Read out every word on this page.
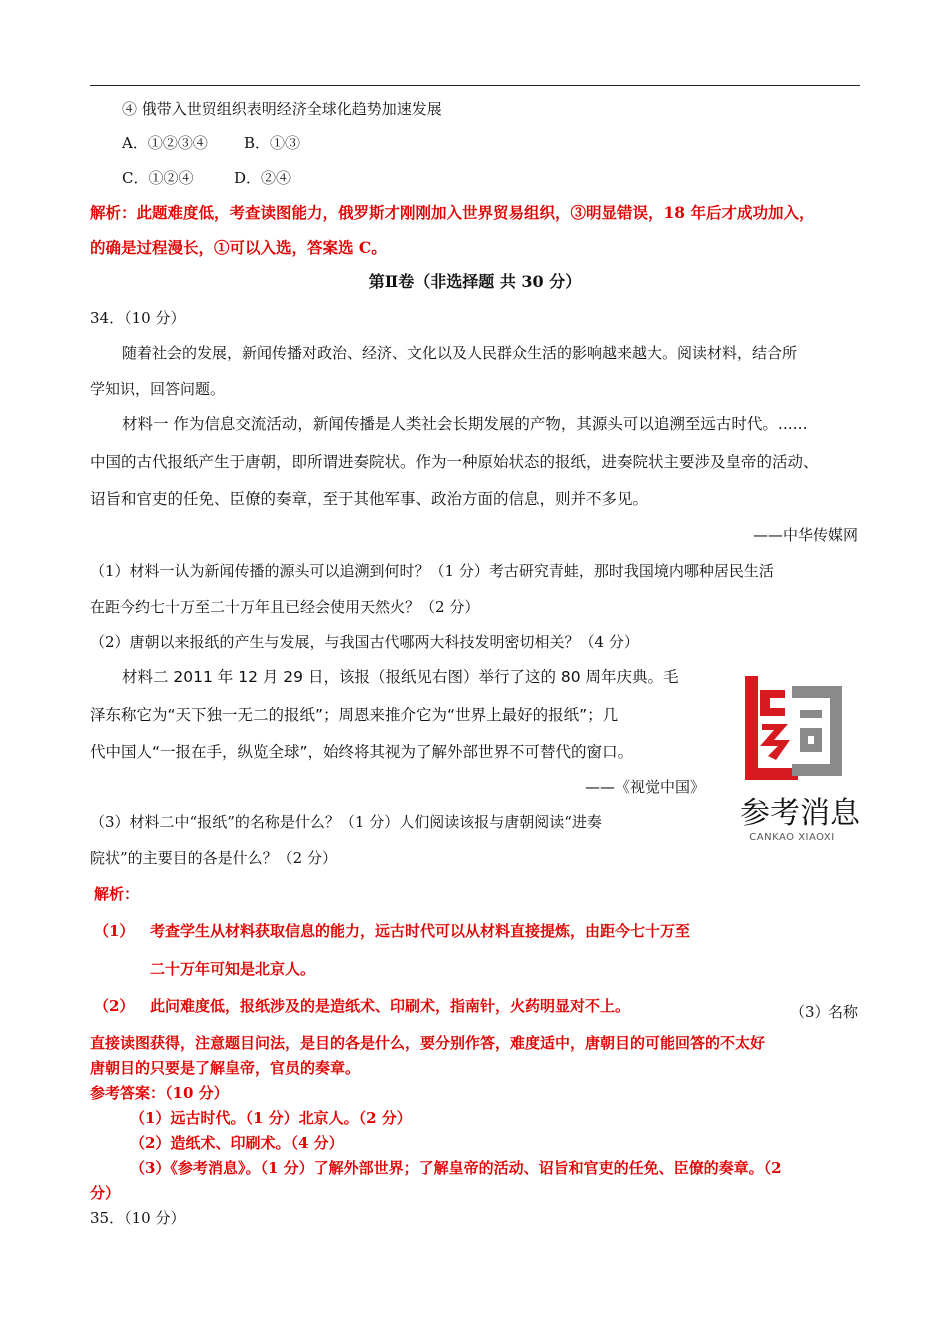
④ 俄带入世贸组织表明经济全球化趋势加速发展
A．①②③④ B．①③
C．①②④	D．②④
解析：此题难度低，考查读图能力，俄罗斯才刚刚加入世界贸易组织，③明显错误，18 年后才成功加入，
的确是过程漫长，①可以入选，答案选 C。
第Ⅱ卷（非选择题 共 30 分）
34．（10 分）
随着社会的发展，新闻传播对政治、经济、文化以及人民群众生活的影响越来越大。阅读材料，结合所
学知识，回答问题。
材料一 作为信息交流活动，新闻传播是人类社会长期发展的产物，其源头可以追溯至远古时代。......
中国的古代报纸产生于唐朝，即所谓进奏院状。作为一种原始状态的报纸，进奏院状主要涉及皇帝的活动、
诏旨和官吏的任免、臣僚的奏章，至于其他军事、政治方面的信息，则并不多见。
——中华传媒网
（1）材料一认为新闻传播的源头可以追溯到何时？（1 分）考古研究青蛙，那时我国境内哪种居民生活
在距今约七十万至二十万年且已经会使用天然火？（2 分）
（2）唐朝以来报纸的产生与发展，与我国古代哪两大科技发明密切相关？（4 分）
材料二 2011 年 12 月 29 日，该报（报纸见右图）举行了这的 80 周年庆典。毛
泽东称它为“天下独一无二的报纸”；周恩来推介它为“世界上最好的报纸”；几
代中国人“一报在手，纵览全球”，始终将其视为了解外部世界不可替代的窗口。
——《视觉中国》
（3）材料二中“报纸”的名称是什么？（1 分）人们阅读该报与唐朝阅读“进奏
院状”的主要目的各是什么？（2 分）
参考消息
CANKAO XIAOXI
解析：
（1） 考查学生从材料获取信息的能力，远古时代可以从材料直接提炼，由距今七十万至
二十万年可知是北京人。
（2） 此问难度低，报纸涉及的是造纸术、印刷术，指南针，火药明显对不上。	（3）
名称
直接读图获得，注意题目问法，是目的各是什么，要分别作答，难度适中，唐朝目的可能回答的不太好
唐朝目的只要是了解皇帝，官员的奏章。
参考答案：（10 分）
（1）远古时代。（1 分）北京人。（2 分）
（2）造纸术、印刷术。（4 分）
（3）《参考消息》。（1 分）了解外部世界；了解皇帝的活动、诏旨和官吏的任免、臣僚的奏章。（2
分）
35．（10 分）
